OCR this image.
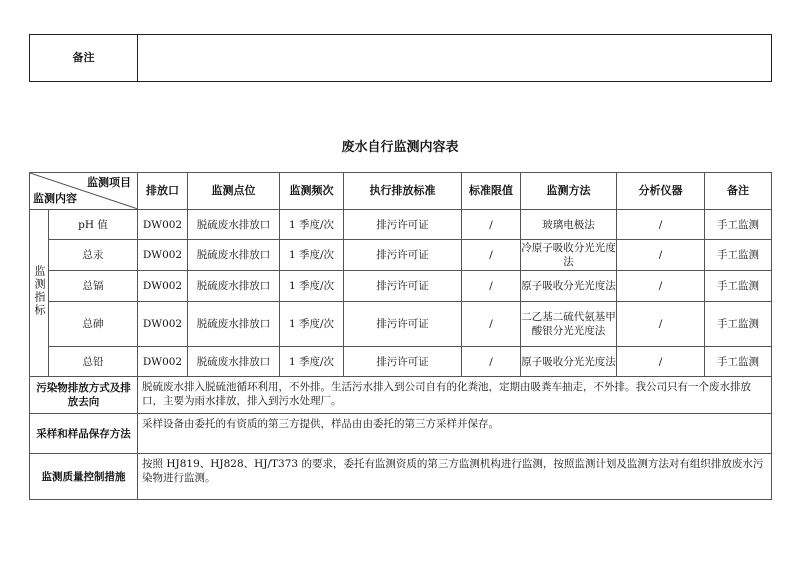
备注	
废水自行监测内容表
监测项目
监测内容		排放口	监测点位	监测频次	执行排放标准	标准限值	监测方法	分析仪器	备注
监测指标	pH 值	DW002	脱硫废水排放口	1 季度/次	排污许可证	/	玻璃电极法	/	手工监测
	总汞	DW002	脱硫废水排放口	1 季度/次	排污许可证	/	冷原子吸收分光光度法	/	手工监测
	总镉	DW002	脱硫废水排放口	1 季度/次	排污许可证	/	原子吸收分光光度法	/	手工监测
	总砷	DW002	脱硫废水排放口	1 季度/次	排污许可证	/	二乙基二硫代氨基甲酸银分光光度法	/	手工监测
	总铅	DW002	脱硫废水排放口	1 季度/次	排污许可证	/	原子吸收分光光度法	/	手工监测
污染物排放方式及排放去向		脱硫废水排入脱硫池循环利用，不外排。生活污水排入到公司自有的化粪池，定期由吸粪车抽走，不外排。我公司只有一个废水排放口，主要为雨水排放，排入到污水处理厂。							
采样和样品保存方法		采样设备由委托的有资质的第三方提供，样品由由委托的第三方采样并保存。							
监测质量控制措施		按照 HJ819、HJ828、HJ/T373 的要求，委托有监测资质的第三方监测机构进行监测，按照监测计划及监测方法对有组织排放废水污染物进行监测。							
